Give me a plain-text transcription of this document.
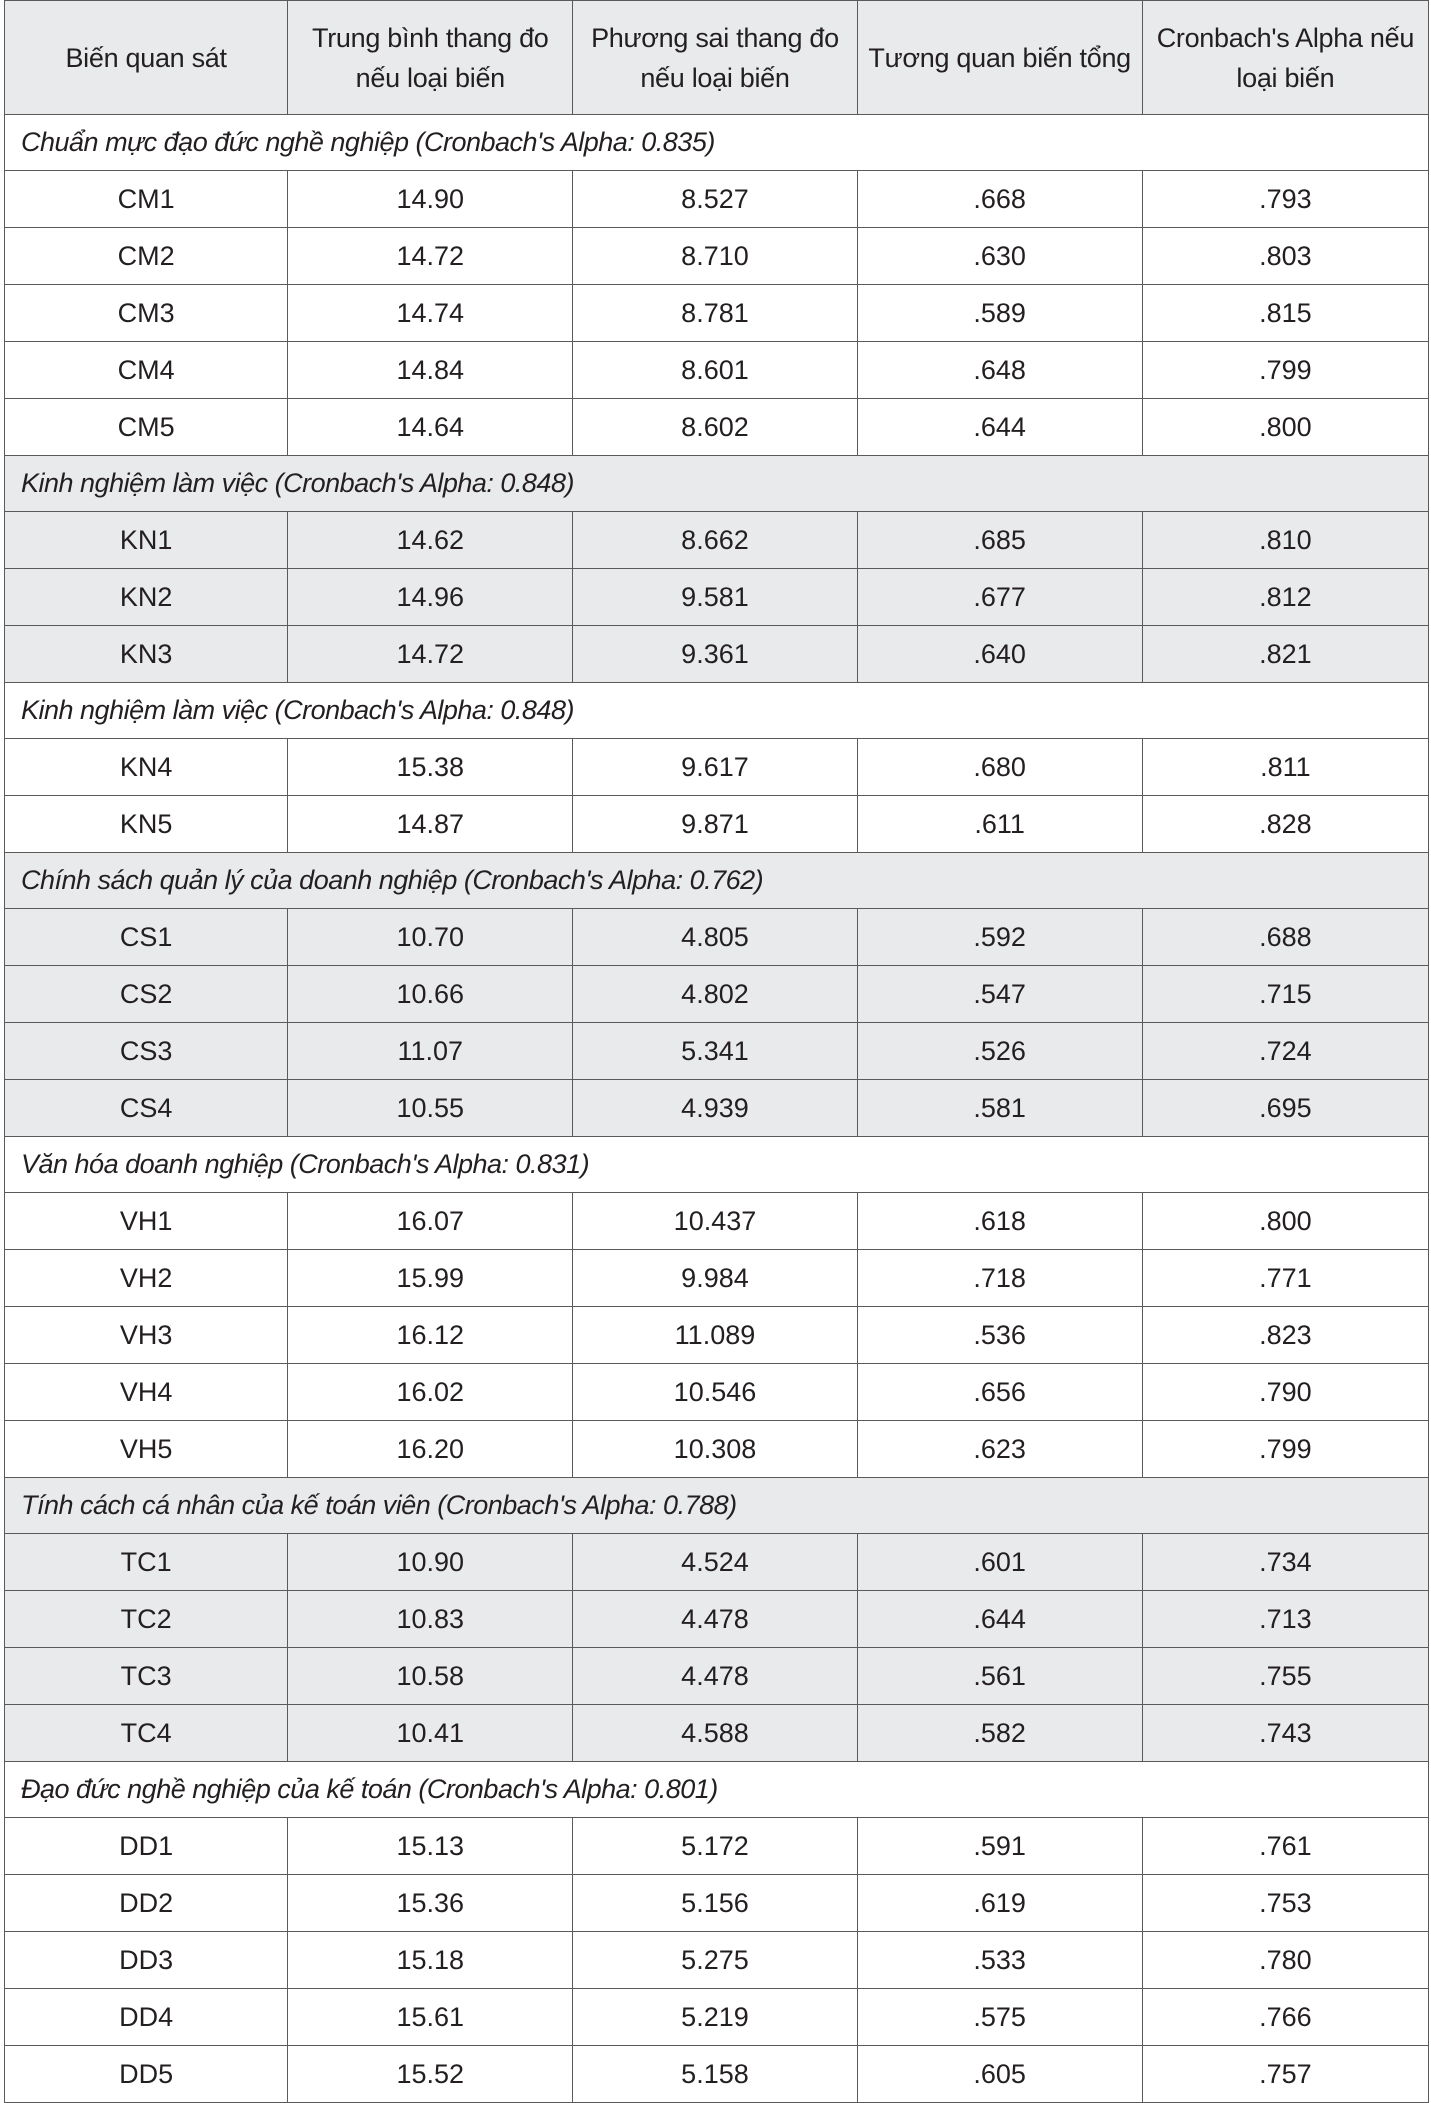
Biến quan sát	Trung bình thang đo nếu loại biến	Phương sai thang đo nếu loại biến	Tương quan biến tổng	Cronbach's Alpha nếu loại biến
Chuẩn mực đạo đức nghề nghiệp (Cronbach's Alpha: 0.835)				
CM1	14.90	8.527	.668	.793
CM2	14.72	8.710	.630	.803
CM3	14.74	8.781	.589	.815
CM4	14.84	8.601	.648	.799
CM5	14.64	8.602	.644	.800
Kinh nghiệm làm việc (Cronbach's Alpha: 0.848)				
KN1	14.62	8.662	.685	.810
KN2	14.96	9.581	.677	.812
KN3	14.72	9.361	.640	.821
Kinh nghiệm làm việc (Cronbach's Alpha: 0.848)				
KN4	15.38	9.617	.680	.811
KN5	14.87	9.871	.611	.828
Chính sách quản lý của doanh nghiệp (Cronbach's Alpha: 0.762)				
CS1	10.70	4.805	.592	.688
CS2	10.66	4.802	.547	.715
CS3	11.07	5.341	.526	.724
CS4	10.55	4.939	.581	.695
Văn hóa doanh nghiệp (Cronbach's Alpha: 0.831)				
VH1	16.07	10.437	.618	.800
VH2	15.99	9.984	.718	.771
VH3	16.12	11.089	.536	.823
VH4	16.02	10.546	.656	.790
VH5	16.20	10.308	.623	.799
Tính cách cá nhân của kế toán viên (Cronbach's Alpha: 0.788)				
TC1	10.90	4.524	.601	.734
TC2	10.83	4.478	.644	.713
TC3	10.58	4.478	.561	.755
TC4	10.41	4.588	.582	.743
Đạo đức nghề nghiệp của kế toán (Cronbach's Alpha: 0.801)				
DD1	15.13	5.172	.591	.761
DD2	15.36	5.156	.619	.753
DD3	15.18	5.275	.533	.780
DD4	15.61	5.219	.575	.766
DD5	15.52	5.158	.605	.757
